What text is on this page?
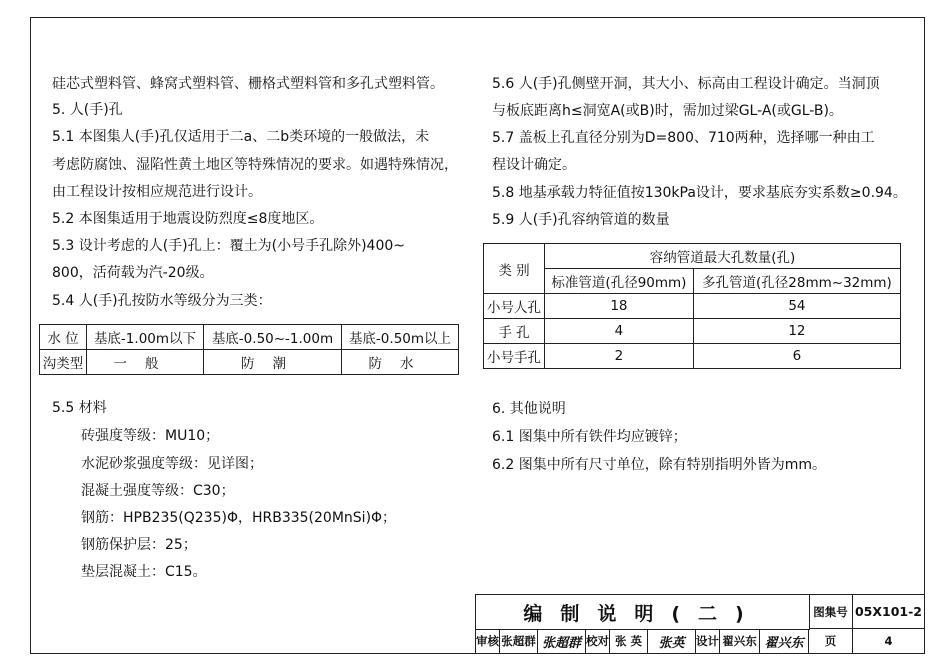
硅芯式塑料管、蜂窝式塑料管、栅格式塑料管和多孔式塑料管。
5. 人(手)孔
5.1 本图集人(手)孔仅适用于二a、二b类环境的一般做法，未
考虑防腐蚀、湿陷性黄土地区等特殊情况的要求。如遇特殊情况，
由工程设计按相应规范进行设计。
5.2 本图集适用于地震设防烈度≤8度地区。
5.3 设计考虑的人(手)孔上：覆土为(小号手孔除外)400~
800，活荷载为汽-20级。
5.4 人(手)孔按防水等级分为三类：
水 位	基底-1.00m以下	基底-0.50~-1.00m	基底-0.50m以上
沟类型	一般	防潮	防水
5.5 材料
砖强度等级：MU10；
水泥砂浆强度等级：见详图；
混凝土强度等级：C30；
钢筋：HPB235(Q235)Φ，HRB335(20MnSi)Φ；
钢筋保护层：25；
垫层混凝土：C15。
5.6 人(手)孔侧壁开洞，其大小、标高由工程设计确定。当洞顶
与板底距离h≤洞宽A(或B)时，需加过梁GL-A(或GL-B)。
5.7 盖板上孔直径分别为D=800、710两种，选择哪一种由工
程设计确定。
5.8 地基承载力特征值按130kPa设计，要求基底夯实系数≥0.94。
5.9 人(手)孔容纳管道的数量
类 别	容纳管道最大孔数量(孔)	
	标准管道(孔径90mm)	多孔管道(孔径28mm~32mm)
小号人孔	18	54
手 孔	4	12
小号手孔	2	6
6. 其他说明
6.1 图集中所有铁件均应镀锌；
6.2 图集中所有尺寸单位，除有特别指明外皆为mm。
编制说明(二)	图集号 05X101-2
审核 张超群 张超群 校对 张 英	张英	设计 翟兴东 翟兴东	页	4
